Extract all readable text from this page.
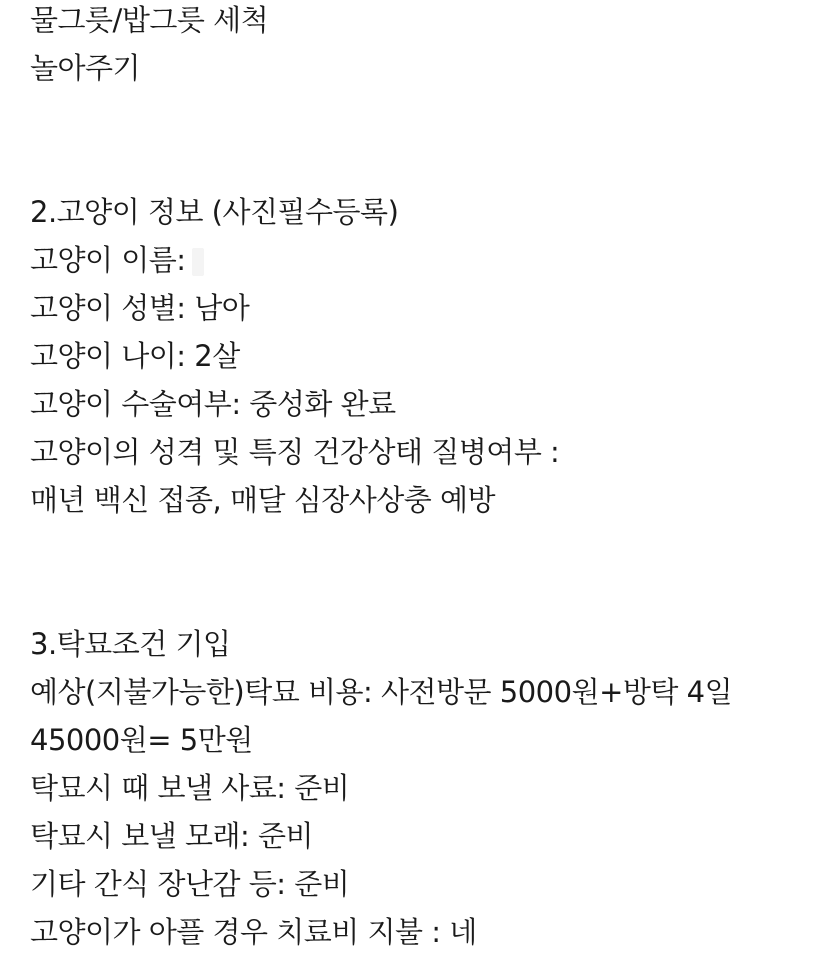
물그릇/밥그릇 세척
놀아주기
2.고양이 정보 (사진필수등록)
고양이 이름:
고양이 성별: 남아
고양이 나이: 2살
고양이 수술여부: 중성화 완료
고양이의 성격 및 특징 건강상태 질병여부 :
매년 백신 접종, 매달 심장사상충 예방
3.탁묘조건 기입
예상(지불가능한)탁묘 비용: 사전방문 5000원+방탁 4일
45000원= 5만원
탁묘시 때 보낼 사료: 준비
탁묘시 보낼 모래: 준비
기타 간식 장난감 등: 준비
고양이가 아플 경우 치료비 지불 : 네
